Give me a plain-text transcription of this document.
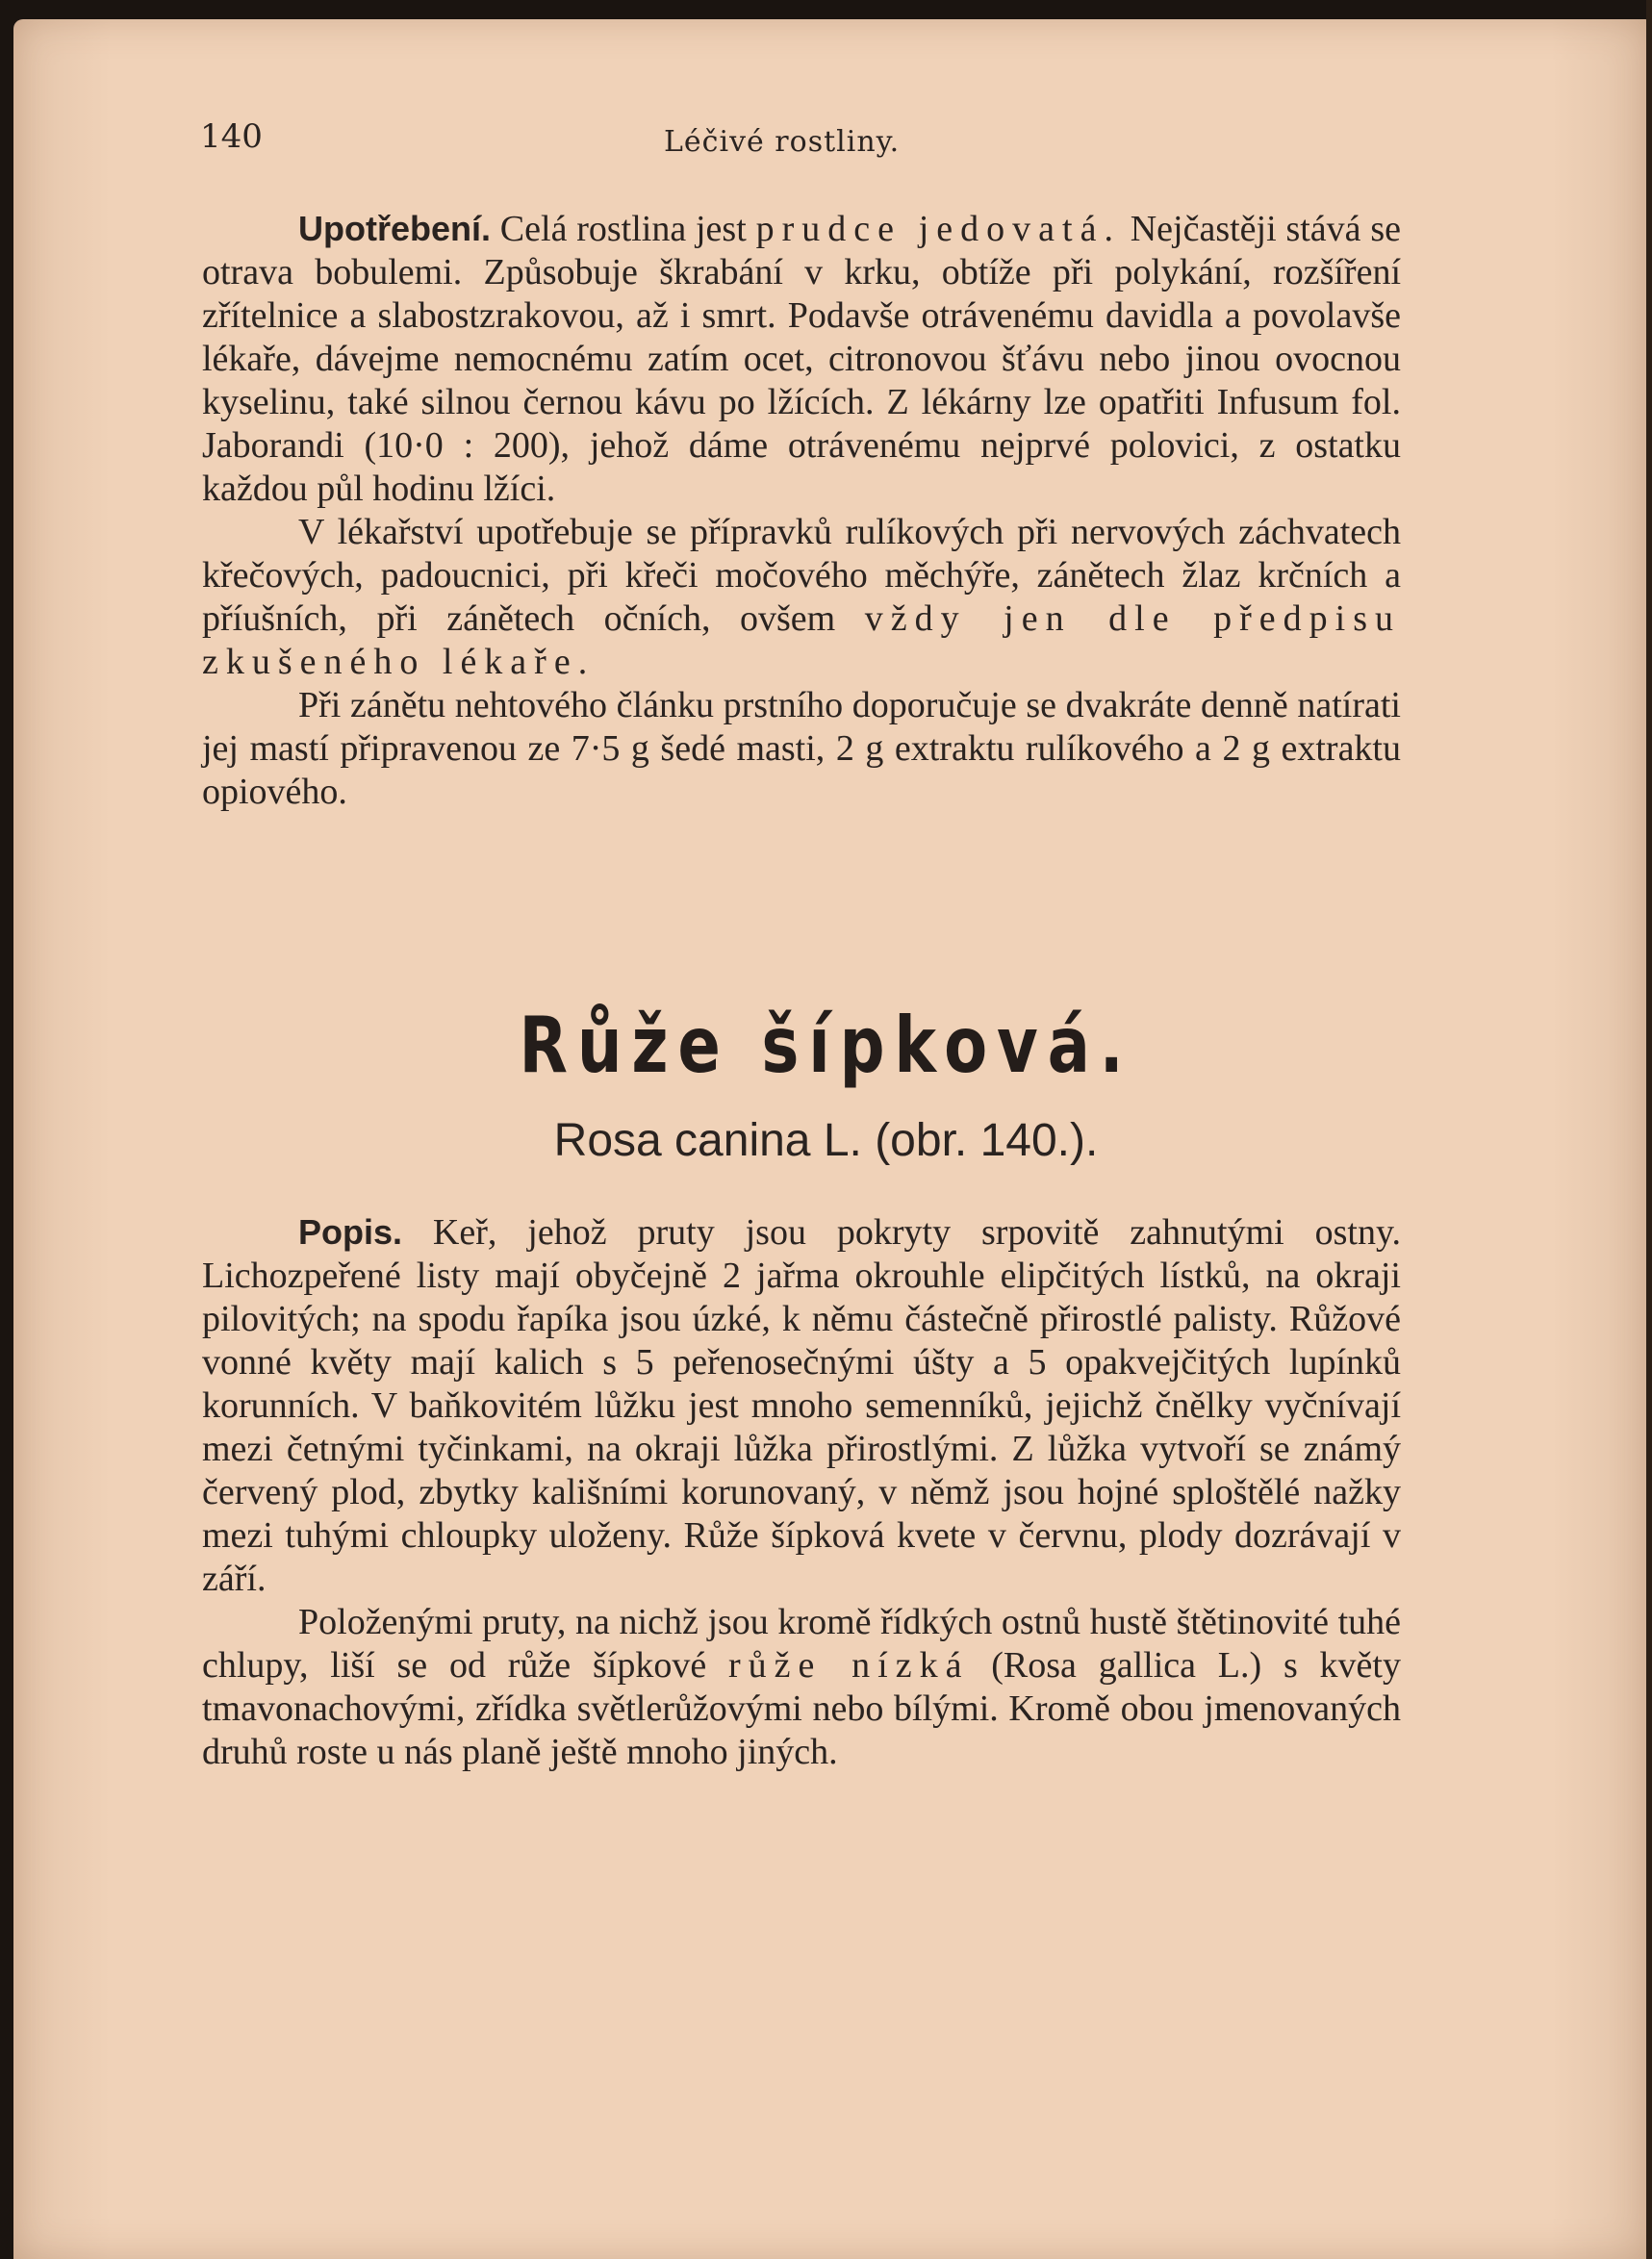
140	Léčivé rostliny.

Upotřebení. Celá rostlina jest prudce jedovatá. Nejčastěji stává se otrava bobulemi. Způsobuje škrabání v krku, obtíže při polykání, rozšíření zřítelnice a slabostzrakovou, až i smrt. Podavše otrávenému davidla a povolavše lékaře, dávejme nemocnému zatím ocet, citronovou šťávu nebo jinou ovocnou kyselinu, také silnou černou kávu po lžících. Z lékárny lze opatřiti Infusum fol. Jaborandi (10·0 : 200), jehož dáme otrávenému nejprvé polovici, z ostatku každou půl hodinu lžíci.

V lékařství upotřebuje se přípravků rulíkových při nervových záchvatech křečových, padoucnici, při křeči močového měchýře, zánětech žlaz krčních a příušních, při zánětech očních, ovšem vždy jen dle předpisu zkušeného lékaře.

Při zánětu nehtového článku prstního doporučuje se dvakráte denně natírati jej mastí připravenou ze 7·5 g šedé masti, 2 g extraktu rulíkového a 2 g extraktu opiového.

Růže šípková.
Rosa canina L. (obr. 140.).

Popis. Keř, jehož pruty jsou pokryty srpovitě zahnutými ostny. Lichozpeřené listy mají obyčejně 2 jařma okrouhle elipčitých lístků, na okraji pilovitých; na spodu řapíka jsou úzké, k němu částečně přirostlé palisty. Růžové vonné květy mají kalich s 5 peřenosečnými úšty a 5 opakvejčitých lupínků korunních. V baňkovitém lůžku jest mnoho semenníků, jejichž čnělky vyčnívají mezi četnými tyčinkami, na okraji lůžka přirostlými. Z lůžka vytvoří se známý červený plod, zbytky kališními korunovaný, v němž jsou hojné sploštělé nažky mezi tuhými chloupky uloženy. Růže šípková kvete v červnu, plody dozrávají v září.

Položenými pruty, na nichž jsou kromě řídkých ostnů hustě štětinovité tuhé chlupy, liší se od růže šípkové růže nízká (Rosa gallica L.) s květy tmavonachovými, zřídka světlerůžovými nebo bílými. Kromě obou jmenovaných druhů roste u nás planě ještě mnoho jiných.
